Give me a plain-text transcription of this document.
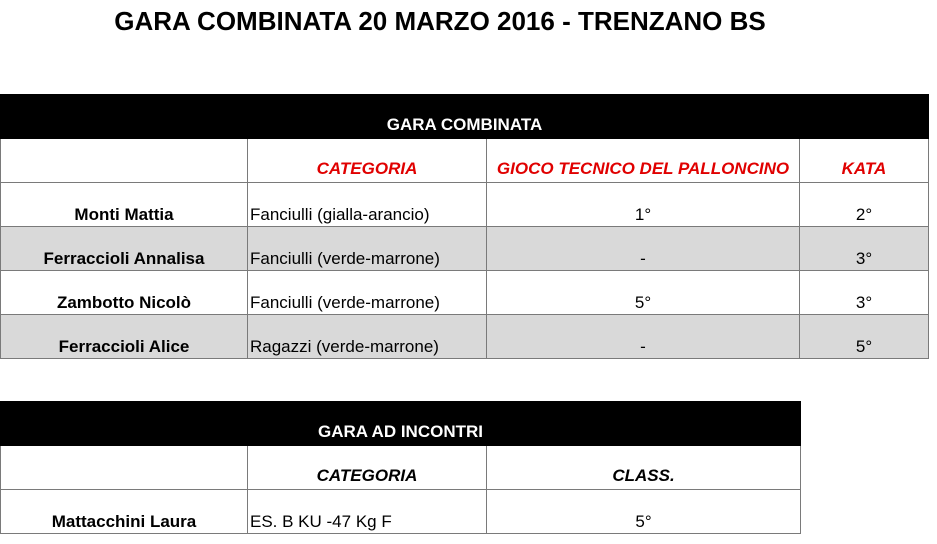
GARA COMBINATA 20 MARZO 2016 - TRENZANO BS
GARA COMBINATA			
	CATEGORIA	GIOCO TECNICO DEL PALLONCINO	KATA
Monti Mattia	Fanciulli (gialla-arancio)	1°	2°
Ferraccioli Annalisa	Fanciulli (verde-marrone)	-	3°
Zambotto Nicolò	Fanciulli (verde-marrone)	5°	3°
Ferraccioli Alice	Ragazzi (verde-marrone)	-	5°
GARA AD INCONTRI		
	CATEGORIA	CLASS.
Mattacchini Laura	ES. B KU -47 Kg F	5°
